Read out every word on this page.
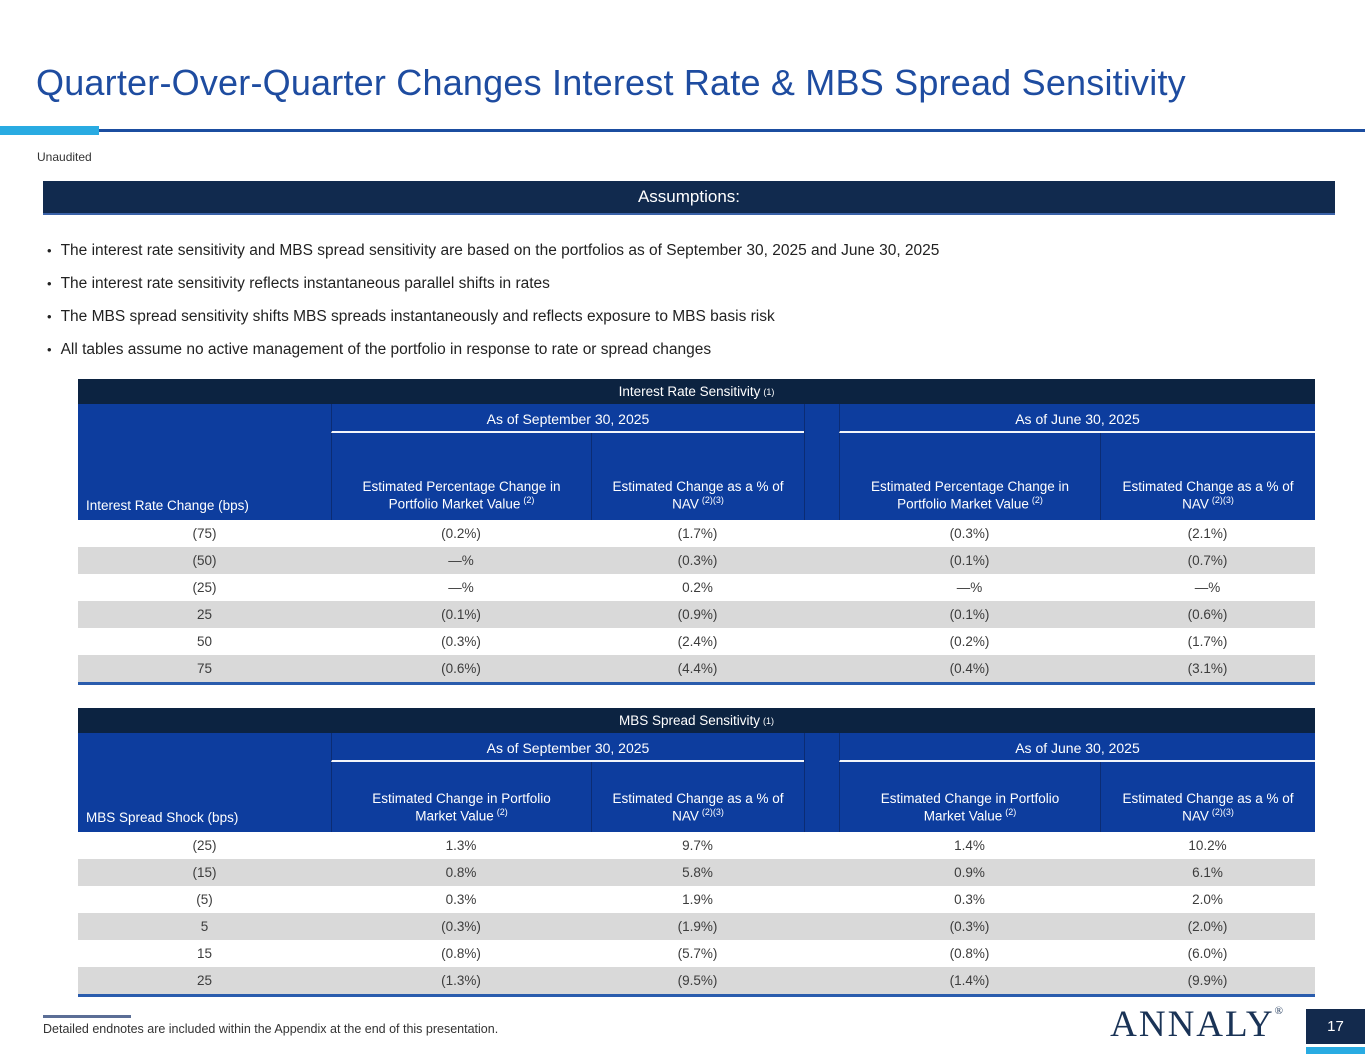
Quarter-Over-Quarter Changes Interest Rate & MBS Spread Sensitivity
Unaudited
Assumptions:
• The interest rate sensitivity and MBS spread sensitivity are based on the portfolios as of September 30, 2025 and June 30, 2025
• The interest rate sensitivity reflects instantaneous parallel shifts in rates
• The MBS spread sensitivity shifts MBS spreads instantaneously and reflects exposure to MBS basis risk
• All tables assume no active management of the portfolio in response to rate or spread changes
Interest Rate Sensitivity (1)
Interest Rate Change (bps)
As of September 30, 2025	As of June 30, 2025
Estimated Percentage Change in Portfolio Market Value $^{(2)}$
Estimated Change as a % of NAV $^{(2)(3)}$
Estimated Percentage Change in Portfolio Market Value $^{(2)}$
Estimated Change as a % of NAV $^{(2)(3)}$
(75)	(0.2%)	(1.7%)	(0.3%)	(2.1%)
(50)	—%	(0.3%)	(0.1%)	(0.7%)
(25)	—%	0.2%	—%	—%
25	(0.1%)	(0.9%)	(0.1%)	(0.6%)
50	(0.3%)	(2.4%)	(0.2%)	(1.7%)
75	(0.6%)	(4.4%)	(0.4%)	(3.1%)
MBS Spread Sensitivity (1)
MBS Spread Shock (bps)
As of September 30, 2025	As of June 30, 2025
Estimated Change in Portfolio Market Value $^{(2)}$
Estimated Change as a % of NAV $^{(2)(3)}$
Estimated Change in Portfolio Market Value $^{(2)}$
Estimated Change as a % of NAV $^{(2)(3)}$
(25)	1.3%	9.7%	1.4%	10.2%
(15)	0.8%	5.8%	0.9%	6.1%
(5)	0.3%	1.9%	0.3%	2.0%
5	(0.3%)	(1.9%)	(0.3%)	(2.0%)
15	(0.8%)	(5.7%)	(0.8%)	(6.0%)
25	(1.3%)	(9.5%)	(1.4%)	(9.9%)
Detailed endnotes are included within the Appendix at the end of this presentation.	ANNALY®
17
